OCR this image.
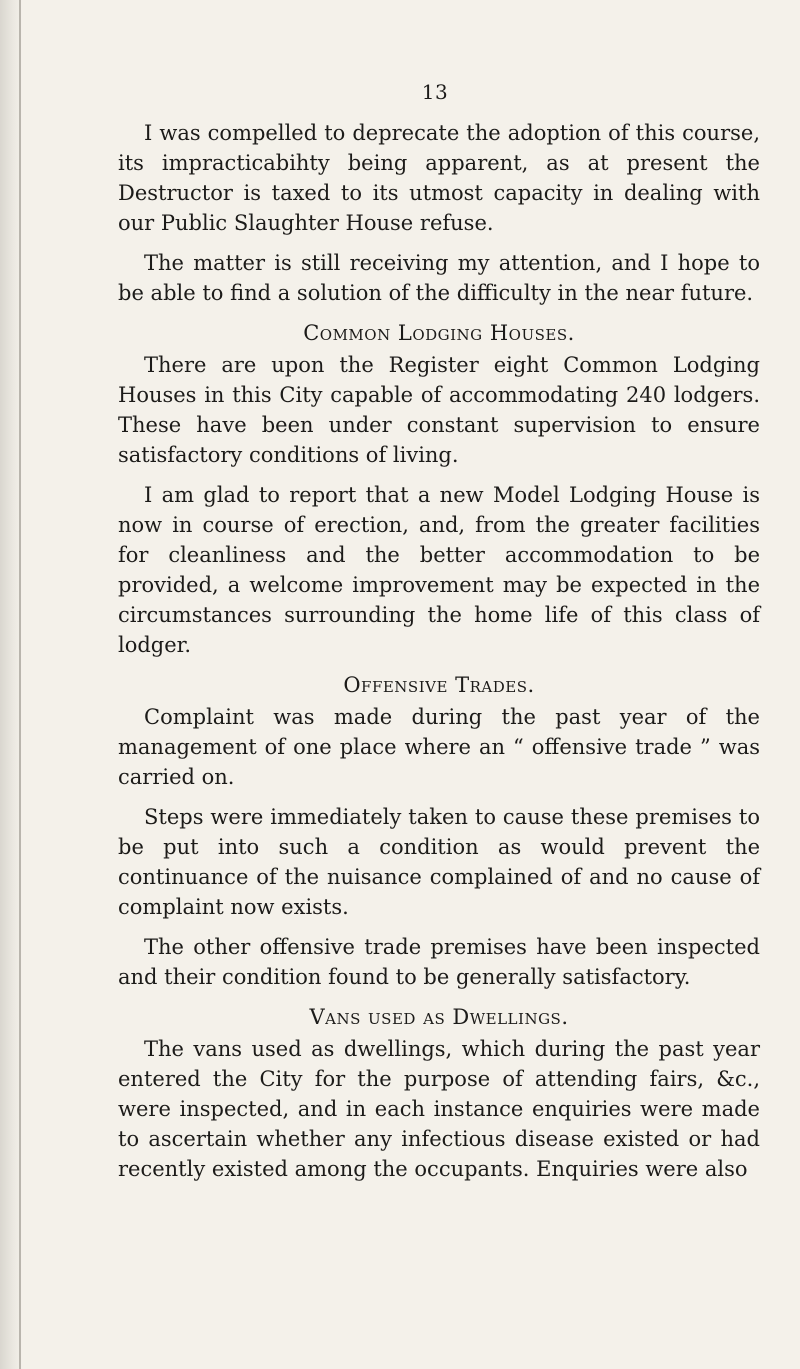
13

I was compelled to deprecate the adoption of this course, its impracticabihty being apparent, as at present the Destructor is taxed to its utmost capacity in dealing with our Public Slaughter House refuse.

The matter is still receiving my attention, and I hope to be able to find a solution of the difficulty in the near future.

Common Lodging Houses.

There are upon the Register eight Common Lodging Houses in this City capable of accommodating 240 lodgers. These have been under constant supervision to ensure satisfactory conditions of living.

I am glad to report that a new Model Lodging House is now in course of erection, and, from the greater facilities for cleanliness and the better accommodation to be provided, a welcome improvement may be expected in the circumstances surrounding the home life of this class of lodger.

Offensive Trades.

Complaint was made during the past year of the management of one place where an “ offensive trade ” was carried on.

Steps were immediately taken to cause these premises to be put into such a condition as would prevent the continuance of the nuisance complained of and no cause of complaint now exists.

The other offensive trade premises have been inspected and their condition found to be generally satisfactory.

Vans used as Dwellings.

The vans used as dwellings, which during the past year entered the City for the purpose of attending fairs, &c., were inspected, and in each instance enquiries were made to ascertain whether any infectious disease existed or had recently existed among the occupants. Enquiries were also
